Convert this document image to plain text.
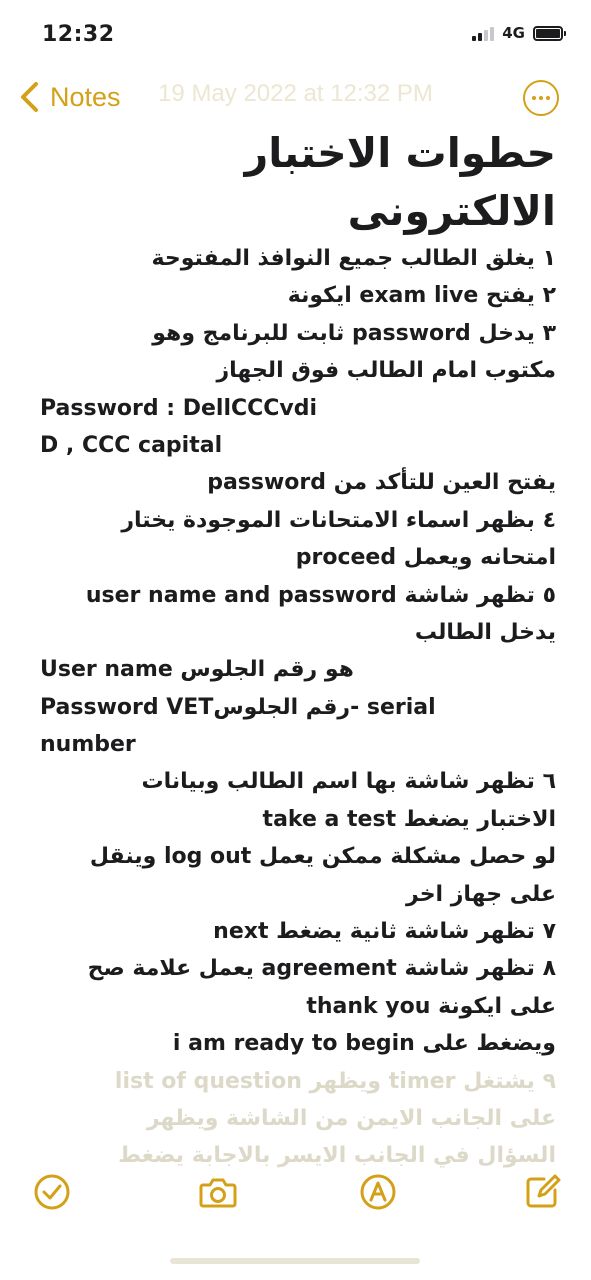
12:32	4G
19 May 2022 at 12:32 PM
Notes
حطوات الاختبار
الالكترونى
١ يغلق الطالب جميع النوافذ المفتوحة
٢ يفتح exam live ايكونة
٣ يدخل password ثابت للبرنامج وهو
مكتوب امام الطالب فوق الجهاز
Password : DellCCCvdi
D , CCC capital
يفتح العين للتأكد من password
٤ بظهر اسماء الامتحانات الموجودة يختار
امتحانه ويعمل proceed
٥ تظهر شاشة user name and password
يدخل الطالب
User name هو رقم الجلوس
Password VETرقم الجلوس- serial
number
٦ تظهر شاشة بها اسم الطالب وبيانات
الاختبار يضغط take a test
لو حصل مشكلة ممكن يعمل log out وينقل
على جهاز اخر
٧ تظهر شاشة ثانية يضغط next
٨ تظهر شاشة agreement يعمل علامة صح
على ايكونة thank you
ويضغط على i am ready to begin
٩ يشتغل timer ويظهر list of question
على الجانب الايمن من الشاشة ويظهر
السؤال في الجانب الايسر بالاجابة يضغط
